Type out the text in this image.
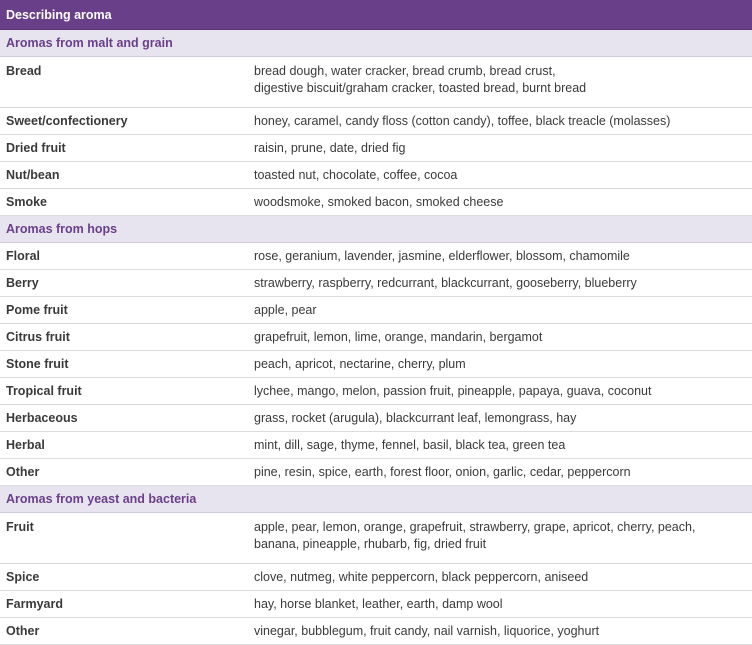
Describing aroma	
Aromas from malt and grain	
Bread	bread dough, water cracker, bread crumb, bread crust,
digestive biscuit/graham cracker, toasted bread, burnt bread
Sweet/confectionery	honey, caramel, candy floss (cotton candy), toffee, black treacle (molasses)
Dried fruit	raisin, prune, date, dried fig
Nut/bean	toasted nut, chocolate, coffee, cocoa
Smoke	woodsmoke, smoked bacon, smoked cheese
Aromas from hops	
Floral	rose, geranium, lavender, jasmine, elderflower, blossom, chamomile
Berry	strawberry, raspberry, redcurrant, blackcurrant, gooseberry, blueberry
Pome fruit	apple, pear
Citrus fruit	grapefruit, lemon, lime, orange, mandarin, bergamot
Stone fruit	peach, apricot, nectarine, cherry, plum
Tropical fruit	lychee, mango, melon, passion fruit, pineapple, papaya, guava, coconut
Herbaceous	grass, rocket (arugula), blackcurrant leaf, lemongrass, hay
Herbal	mint, dill, sage, thyme, fennel, basil, black tea, green tea
Other	pine, resin, spice, earth, forest floor, onion, garlic, cedar, peppercorn
Aromas from yeast and bacteria	
Fruit	apple, pear, lemon, orange, grapefruit, strawberry, grape, apricot, cherry, peach,
banana, pineapple, rhubarb, fig, dried fruit
Spice	clove, nutmeg, white peppercorn, black peppercorn, aniseed
Farmyard	hay, horse blanket, leather, earth, damp wool
Other	vinegar, bubblegum, fruit candy, nail varnish, liquorice, yoghurt
